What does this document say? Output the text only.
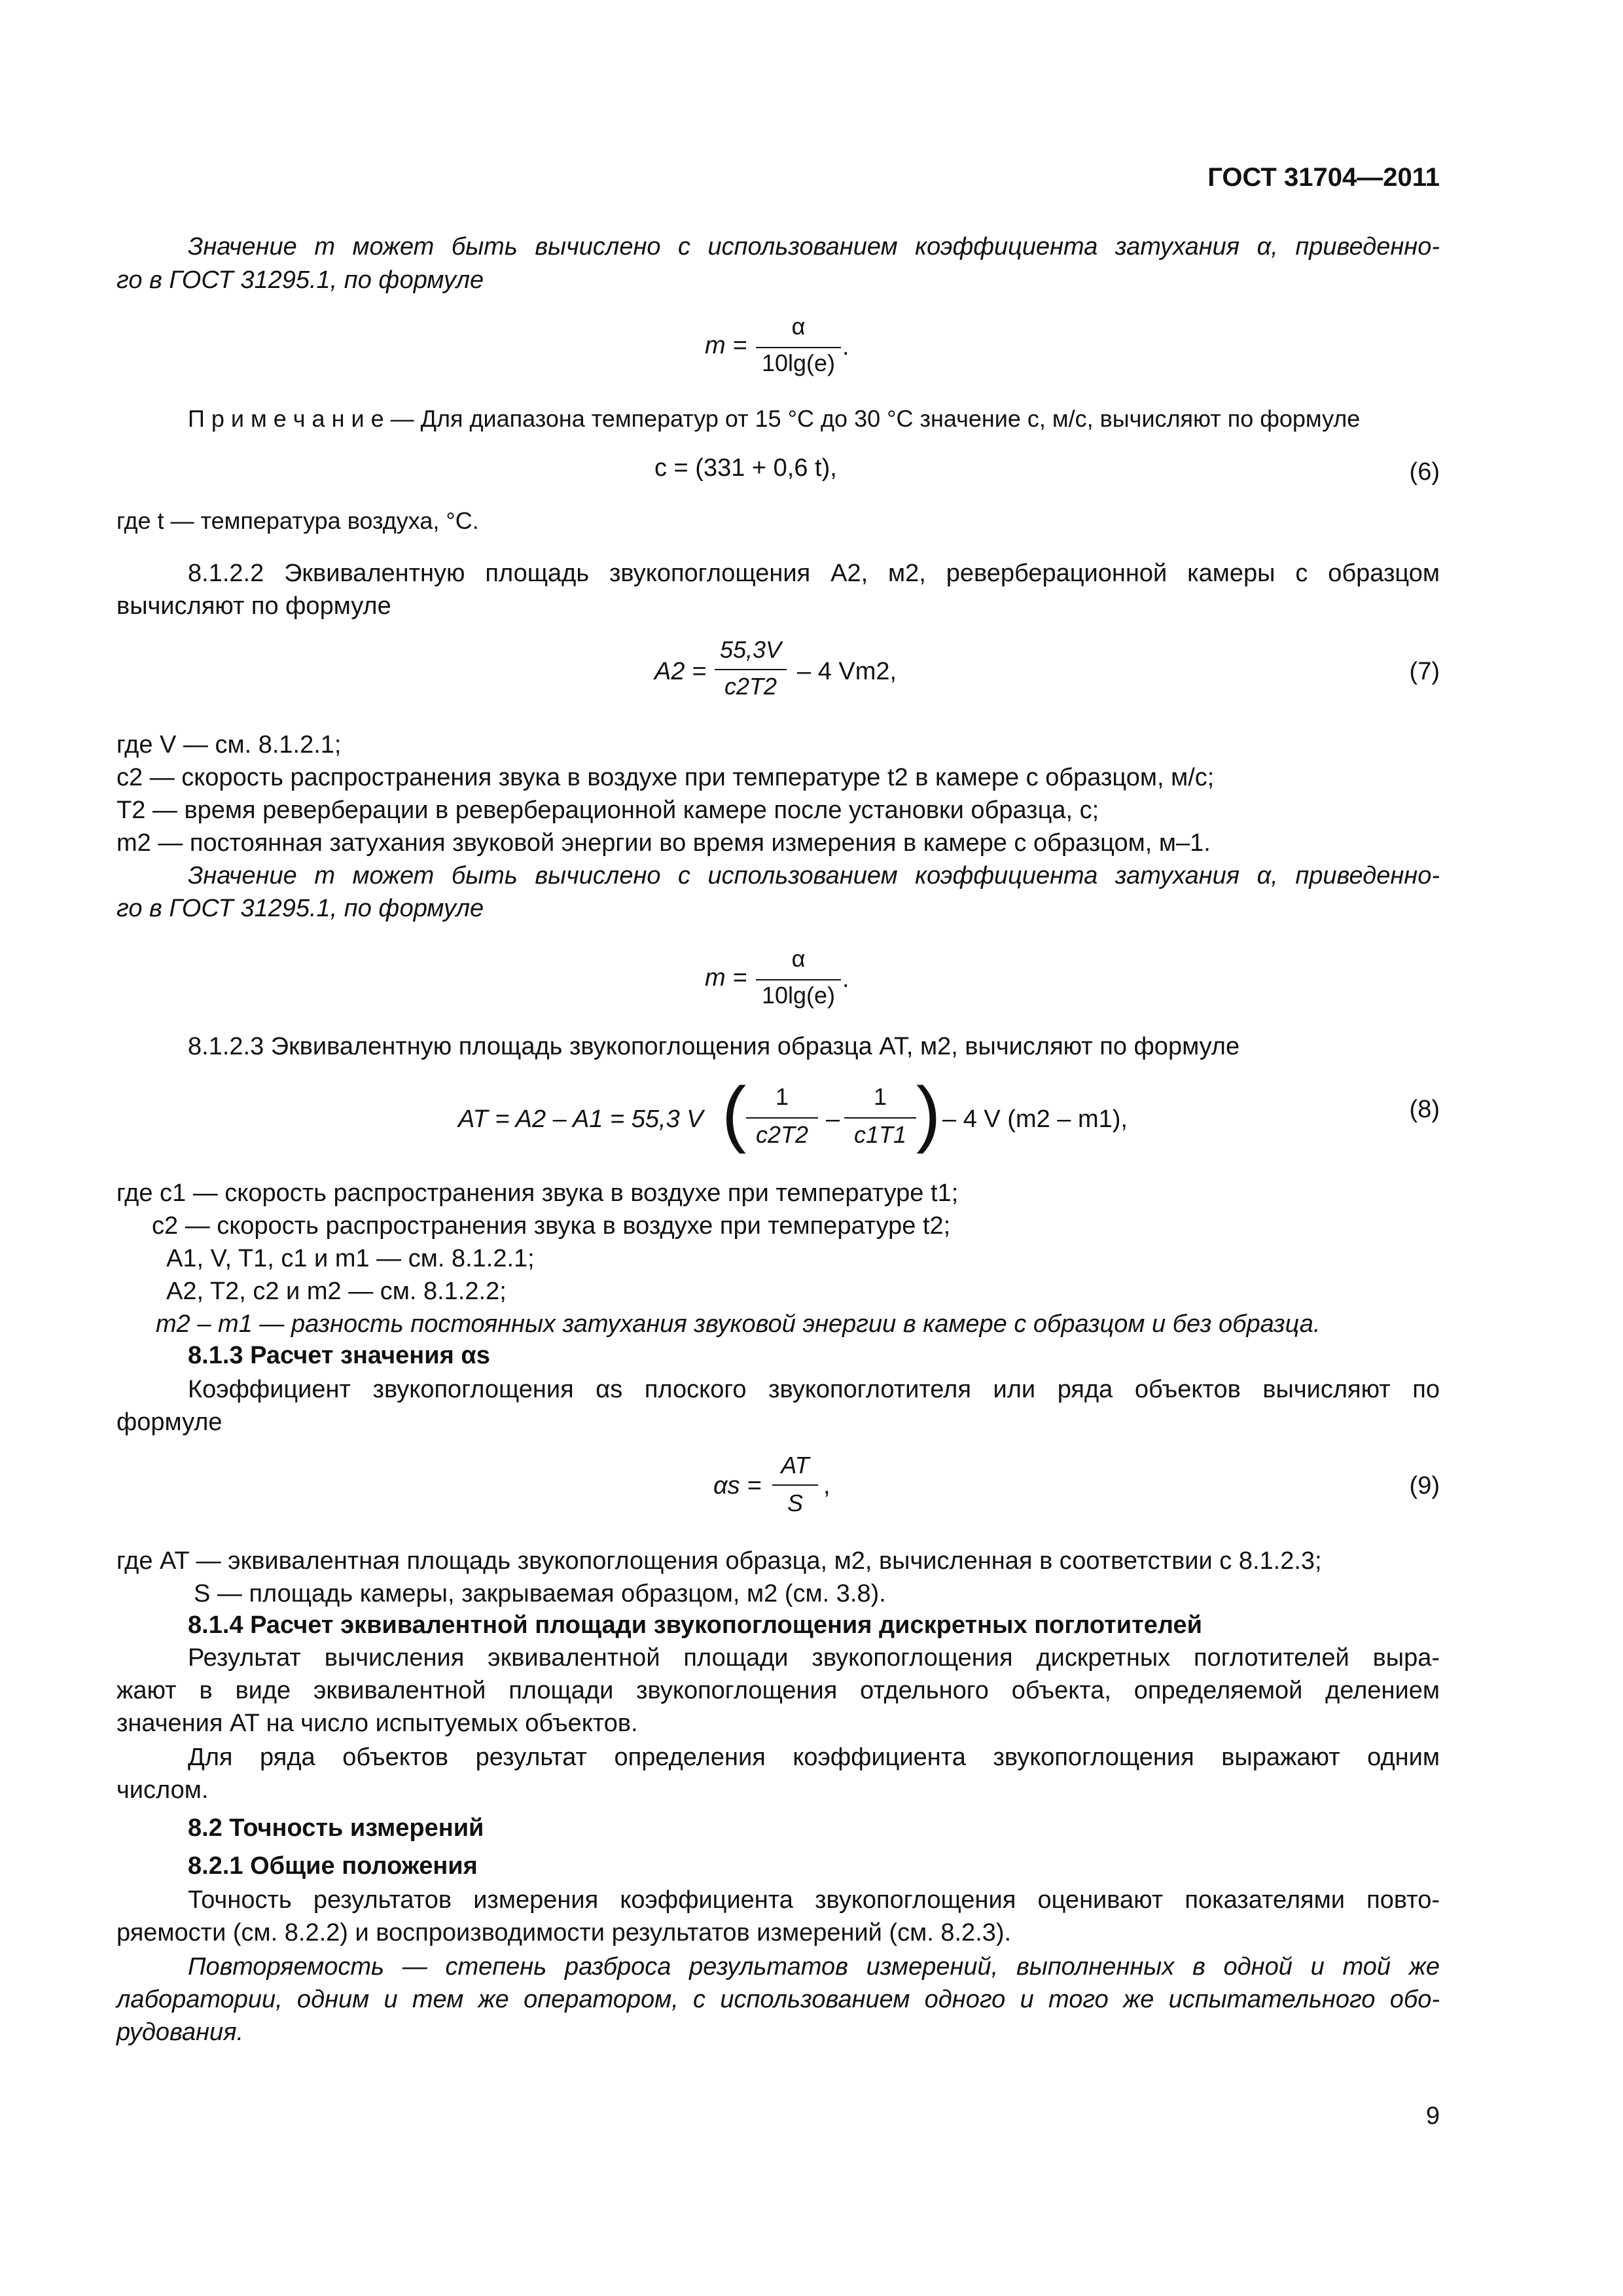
ГОСТ 31704—2011
Значение m может быть вычислено с использованием коэффициента затухания α, приведенно-
го в ГОСТ 31295.1, по формуле
m =
α
10lg(e)
.
П р и м е ч а н и е — Для диапазона температур от 15 °С до 30 °С значение c, м/с, вычисляют по формуле
c = (331 + 0,6 t),	(6)
где t — температура воздуха, °С.
8.1.2.2 Эквивалентную площадь звукопоглощения A2, м2, реверберационной камеры с образцом
вычисляют по формуле
A2 =
55,3V
c2T2
– 4 Vm2,	(7)
где V — см. 8.1.2.1;
c2 — скорость распространения звука в воздухе при температуре t2 в камере с образцом, м/с;
T2 — время реверберации в реверберационной камере после установки образца, с;
m2 — постоянная затухания звуковой энергии во время измерения в камере с образцом, м–1.
Значение m может быть вычислено с использованием коэффициента затухания α, приведенно-
го в ГОСТ 31295.1, по формуле
m =
α
10lg(e)
.
8.1.2.3 Эквивалентную площадь звукопоглощения образца AT, м2, вычисляют по формуле
AT = A2 – A1 = 55,3 V (	1
c2T2
–
1
c1T1 ) – 4 V (m2 – m1),	(8)
где c1 — скорость распространения звука в воздухе при температуре t1;
c2 — скорость распространения звука в воздухе при температуре t2;
A1, V, T1, c1 и m1 — см. 8.1.2.1;
A2, T2, c2 и m2 — см. 8.1.2.2;
m2 – m1 — разность постоянных затухания звуковой энергии в камере с образцом и без образца.
8.1.3 Расчет значения αs
Коэффициент звукопоглощения αs плоского звукопоглотителя или ряда объектов вычисляют по
формуле
αs =
AT
S
,	(9)
где AT — эквивалентная площадь звукопоглощения образца, м2, вычисленная в соответствии с 8.1.2.3;
S — площадь камеры, закрываемая образцом, м2 (см. 3.8).
8.1.4 Расчет эквивалентной площади звукопоглощения дискретных поглотителей
Результат вычисления эквивалентной площади звукопоглощения дискретных поглотителей выра-
жают в виде эквивалентной площади звукопоглощения отдельного объекта, определяемой делением
значения AT на число испытуемых объектов.
Для ряда объектов результат определения коэффициента звукопоглощения выражают одним
числом.
8.2 Точность измерений
8.2.1 Общие положения
Точность результатов измерения коэффициента звукопоглощения оценивают показателями повто-
ряемости (см. 8.2.2) и воспроизводимости результатов измерений (см. 8.2.3).
Повторяемость — степень разброса результатов измерений, выполненных в одной и той же
лаборатории, одним и тем же оператором, с использованием одного и того же испытательного обо-
рудования.
9
